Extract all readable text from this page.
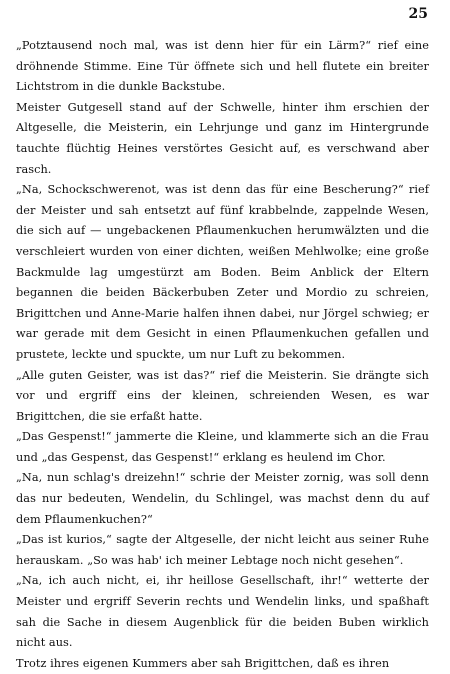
25

„Potztausend noch mal, was ist denn hier für ein Lärm?“ rief eine dröhnende Stimme. Eine Tür öffnete sich und hell flutete ein breiter Lichtstrom in die dunkle Backstube.

Meister Gutgesell stand auf der Schwelle, hinter ihm erschien der Altgeselle, die Meisterin, ein Lehrjunge und ganz im Hintergrunde tauchte flüchtig Heines verstörtes Gesicht auf, es verschwand aber rasch.

„Na, Schockschwerenot, was ist denn das für eine Bescherung?“ rief der Meister und sah entsetzt auf fünf krabbelnde, zappelnde Wesen, die sich auf — ungebackenen Pflaumenkuchen herumwälzten und die verschleiert wurden von einer dichten, weißen Mehlwolke; eine große Backmulde lag umgestürzt am Boden. Beim Anblick der Eltern begannen die beiden Bäckerbuben Zeter und Mordio zu schreien, Brigittchen und Anne-Marie halfen ihnen dabei, nur Jörgel schwieg; er war gerade mit dem Gesicht in einen Pflaumenkuchen gefallen und prustete, leckte und spuckte, um nur Luft zu bekommen.

„Alle guten Geister, was ist das?“ rief die Meisterin. Sie drängte sich vor und ergriff eins der kleinen, schreienden Wesen, es war Brigittchen, die sie erfaßt hatte.

„Das Gespenst!“ jammerte die Kleine, und klammerte sich an die Frau und „das Gespenst, das Gespenst!“ erklang es heulend im Chor.

„Na, nun schlag's dreizehn!“ schrie der Meister zornig, was soll denn das nur bedeuten, Wendelin, du Schlingel, was machst denn du auf dem Pflaumenkuchen?“

„Das ist kurios,“ sagte der Altgeselle, der nicht leicht aus seiner Ruhe herauskam. „So was hab' ich meiner Lebtage noch nicht gesehen“.

„Na, ich auch nicht, ei, ihr heillose Gesellschaft, ihr!“ wetterte der Meister und ergriff Severin rechts und Wendelin links, und spaßhaft sah die Sache in diesem Augenblick für die beiden Buben wirklich nicht aus.

Trotz ihres eigenen Kummers aber sah Brigittchen, daß es ihren
